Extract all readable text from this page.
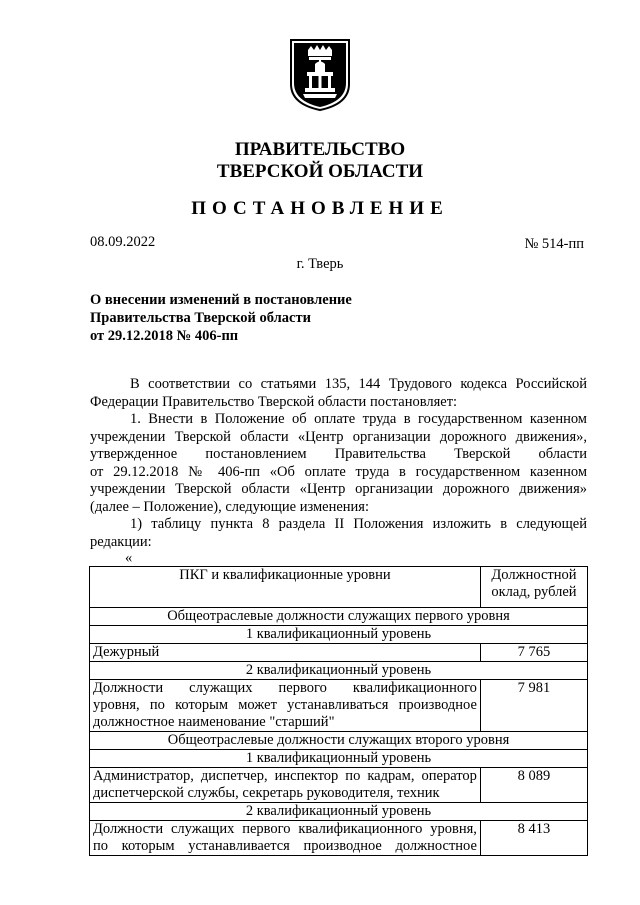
ПРАВИТЕЛЬСТВО
ТВЕРСКОЙ ОБЛАСТИ
ПОСТАНОВЛЕНИЕ
08.09.2022	№ 514-пп
г. Тверь
О внесении изменений в постановление
Правительства Тверской области
от 29.12.2018 № 406-пп
В соответствии со статьями 135, 144 Трудового кодекса Российской
Федерации Правительство Тверской области постановляет:
1. Внести в Положение об оплате труда в государственном казенном
учреждении Тверской области «Центр организации дорожного движения»,
утвержденное постановлением Правительства Тверской области
от 29.12.2018 № 406-пп «Об оплате труда в государственном казенном
учреждении Тверской области «Центр организации дорожного движения»
(далее – Положение), следующие изменения:
1) таблицу пункта 8 раздела II Положения изложить в следующей
редакции:
«
ПКГ и квалификационные уровни	Должностной
оклад, рублей

Общеотраслевые должности служащих первого уровня	
1 квалификационный уровень	
Дежурный	7 765
2 квалификационный уровень	

Должности служащих первого квалификационного
уровня, по которым может устанавливаться производное
должностное наименование "старший"	7 981
Общеотраслевые должности служащих второго уровня	
1 квалификационный уровень	

Администратор, диспетчер, инспектор по кадрам, оператор
диспетчерской службы, секретарь руководителя, техник	8 089
2 квалификационный уровень	

Должности служащих первого квалификационного уровня,
по которым устанавливается производное должностное	8 413
